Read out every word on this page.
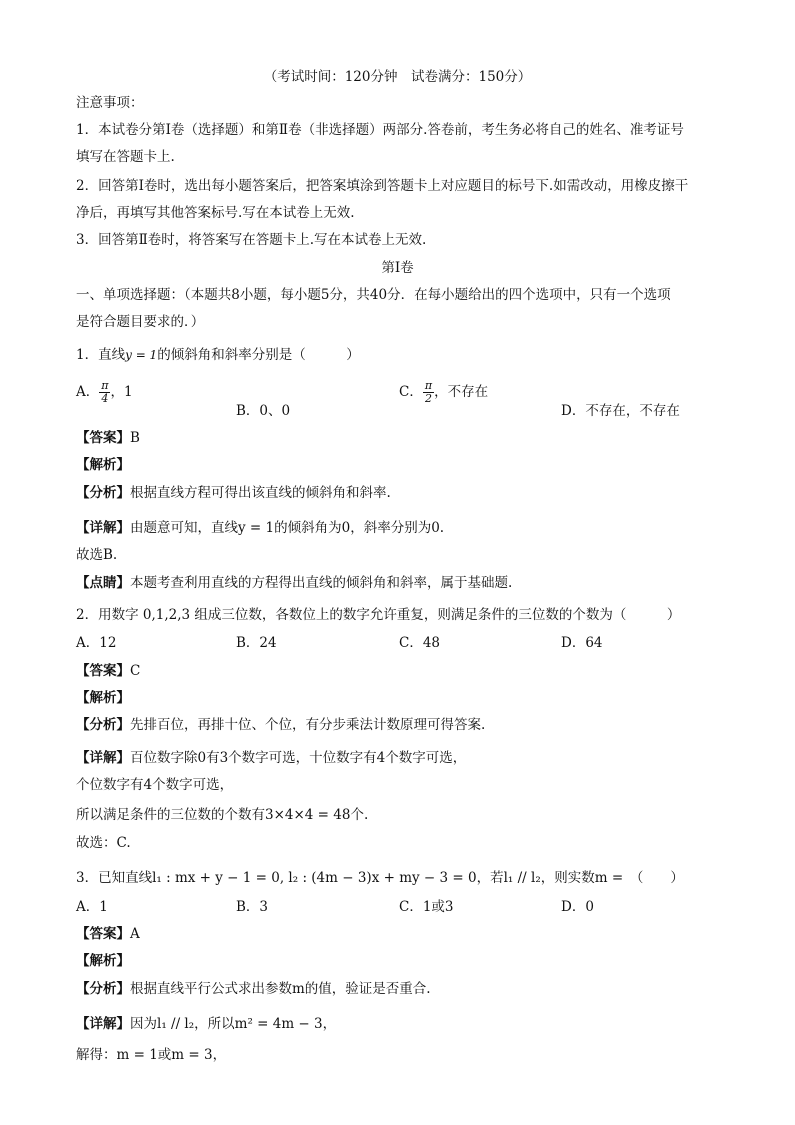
（考试时间：120分钟　试卷满分：150分）
注意事项：
1．本试卷分第Ⅰ卷（选择题）和第Ⅱ卷（非选择题）两部分.答卷前，考生务必将自己的姓名、准考证号
填写在答题卡上.
2．回答第Ⅰ卷时，选出每小题答案后，把答案填涂到答题卡上对应题目的标号下.如需改动，用橡皮擦干
净后，再填写其他答案标号.写在本试卷上无效.
3．回答第Ⅱ卷时，将答案写在答题卡上.写在本试卷上无效.
第Ⅰ卷
一、单项选择题：（本题共8小题，每小题5分，共40分．在每小题给出的四个选项中，只有一个选项
是符合题目要求的．）
1．直线y = 1的倾斜角和斜率分别是（　　　）
A． $\frac{\pi}{4}$ ，1
B．0、0
C． $\frac{\pi}{2}$ ，不存在
D．不存在，不存在
【答案】B
【解析】
【分析】根据直线方程可得出该直线的倾斜角和斜率.
【详解】由题意可知，直线y = 1的倾斜角为0，斜率分别为0.
故选B.
【点睛】本题考查利用直线的方程得出直线的倾斜角和斜率，属于基础题.
2．用数字 0,1,2,3 组成三位数，各数位上的数字允许重复，则满足条件的三位数的个数为（　　　）
A．12	B．24	C．48	D．64
【答案】C
【解析】
【分析】先排百位，再排十位、个位，有分步乘法计数原理可得答案.
【详解】百位数字除0有3个数字可选，十位数字有4个数字可选，
个位数字有4个数字可选，
所以满足条件的三位数的个数有3×4×4 = 48个.
故选：C.
3．已知直线l₁ : mx + y − 1 = 0, l₂ : (4m − 3)x + my − 3 = 0，若l₁ // l₂，则实数m =　（　　）
A．1	B．3	C．1或3	D．0
【答案】A
【解析】
【分析】根据直线平行公式求出参数m的值，验证是否重合.
【详解】因为l₁ // l₂，所以m² = 4m − 3，
解得：m = 1或m = 3，
